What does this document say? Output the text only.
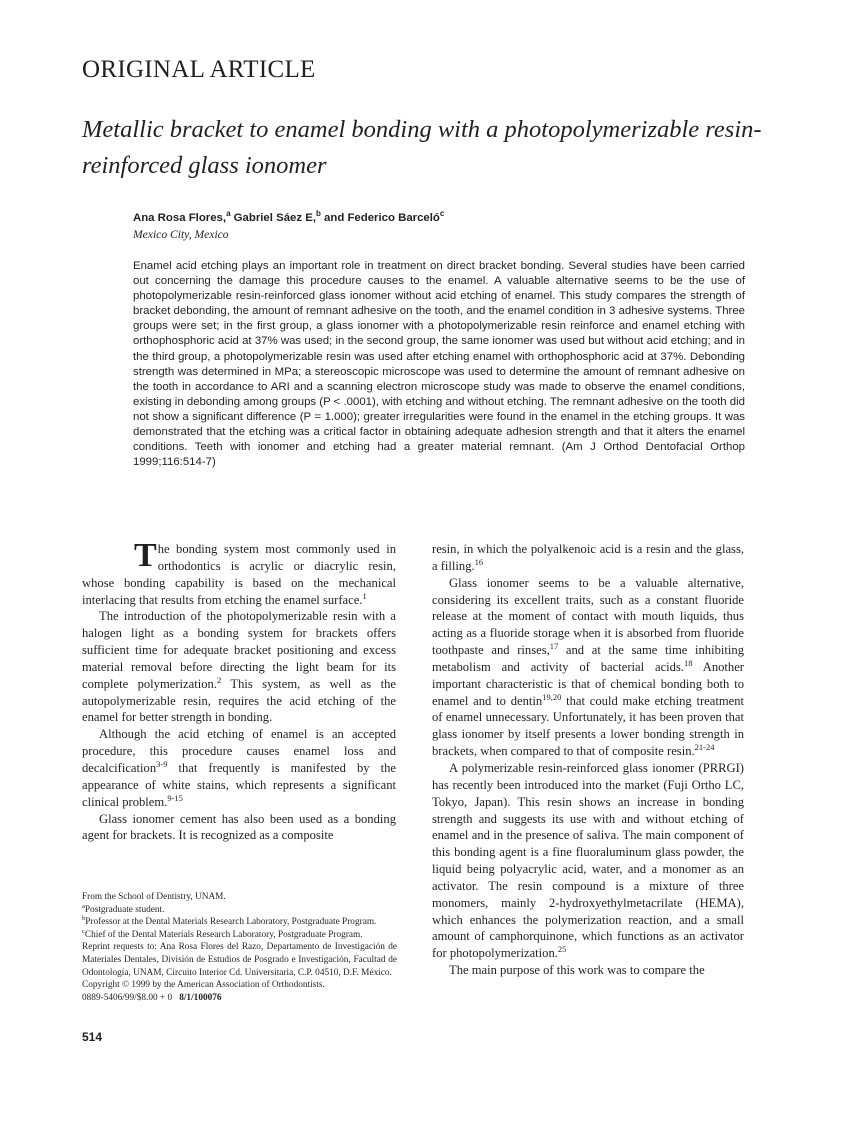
ORIGINAL ARTICLE
Metallic bracket to enamel bonding with a photopolymerizable resin-reinforced glass ionomer

Ana Rosa Flores,$^a$ Gabriel Sáez E,$^b$ and Federico Barceló$^c$

Mexico City, Mexico

Enamel acid etching plays an important role in treatment on direct bracket bonding. Several studies have been carried out concerning the damage this procedure causes to the enamel. A valuable alternative seems to be the use of photopolymerizable resin-reinforced glass ionomer without acid etching of enamel. This study compares the strength of bracket debonding, the amount of remnant adhesive on the tooth, and the enamel condition in 3 adhesive systems. Three groups were set; in the first group, a glass ionomer with a photopolymerizable resin reinforce and enamel etching with orthophosphoric acid at 37% was used; in the second group, the same ionomer was used but without acid etching; and in the third group, a photopolymerizable resin was used after etching enamel with orthophosphoric acid at 37%. Debonding strength was determined in MPa; a stereoscopic microscope was used to determine the amount of remnant adhesive on the tooth in accordance to ARI and a scanning electron microscope study was made to observe the enamel conditions, existing in debonding among groups (P < .0001), with etching and without etching. The remnant adhesive on the tooth did not show a significant difference (P = 1.000); greater irregularities were found in the enamel in the etching groups. It was demonstrated that the etching was a critical factor in obtaining adequate adhesion strength and that it alters the enamel conditions. Teeth with ionomer and etching had a greater material remnant. (Am J Orthod Dentofacial Orthop 1999;116:514-7)

The bonding system most commonly used in orthodontics is acrylic or diacrylic resin, whose bonding capability is based on the mechanical interlacing that results from etching the enamel surface.$^1$

The introduction of the photopolymerizable resin with a halogen light as a bonding system for brackets offers sufficient time for adequate bracket positioning and excess material removal before directing the light beam for its complete polymerization.$^2$ This system, as well as the autopolymerizable resin, requires the acid etching of the enamel for better strength in bonding.

Although the acid etching of enamel is an accepted procedure, this procedure causes enamel loss and decalcification$^{3-9}$ that frequently is manifested by the appearance of white stains, which represents a significant clinical problem.$^{9-15}$

Glass ionomer cement has also been used as a bonding agent for brackets. It is recognized as a composite

resin, in which the polyalkenoic acid is a resin and the glass, a filling.$^{16}$

Glass ionomer seems to be a valuable alternative, considering its excellent traits, such as a constant fluoride release at the moment of contact with mouth liquids, thus acting as a fluoride storage when it is absorbed from fluoride toothpaste and rinses,$^{17}$ and at the same time inhibiting metabolism and activity of bacterial acids.$^{18}$ Another important characteristic is that of chemical bonding both to enamel and to dentin$^{19,20}$ that could make etching treatment of enamel unnecessary. Unfortunately, it has been proven that glass ionomer by itself presents a lower bonding strength in brackets, when compared to that of composite resin.$^{21-24}$

A polymerizable resin-reinforced glass ionomer (PRRGI) has recently been introduced into the market (Fuji Ortho LC, Tokyo, Japan). This resin shows an increase in bonding strength and suggests its use with and without etching of enamel and in the presence of saliva. The main component of this bonding agent is a fine fluoraluminum glass powder, the liquid being polyacrylic acid, water, and a monomer as an activator. The resin compound is a mixture of three monomers, mainly 2-hydroxyethylmetacrilate (HEMA), which enhances the polymerization reaction, and a small amount of camphorquinone, which functions as an activator for photopolymerization.$^{25}$

The main purpose of this work was to compare the

From the School of Dentistry, UNAM.
$^a$Postgraduate student.
$^b$Professor at the Dental Materials Research Laboratory, Postgraduate Program.
$^c$Chief of the Dental Materials Research Laboratory, Postgraduate Program.
Reprint requests to: Ana Rosa Flores del Razo, Departamento de Investigación de Materiales Dentales, División de Estudios de Posgrado e Investigación, Facultad de Odontología, UNAM, Circuito Interior Cd. Universitaria, C.P. 04510, D.F. México.
Copyright © 1999 by the American Association of Orthodontists.
0889-5406/99/$8.00 + 0 8/1/100076

514
